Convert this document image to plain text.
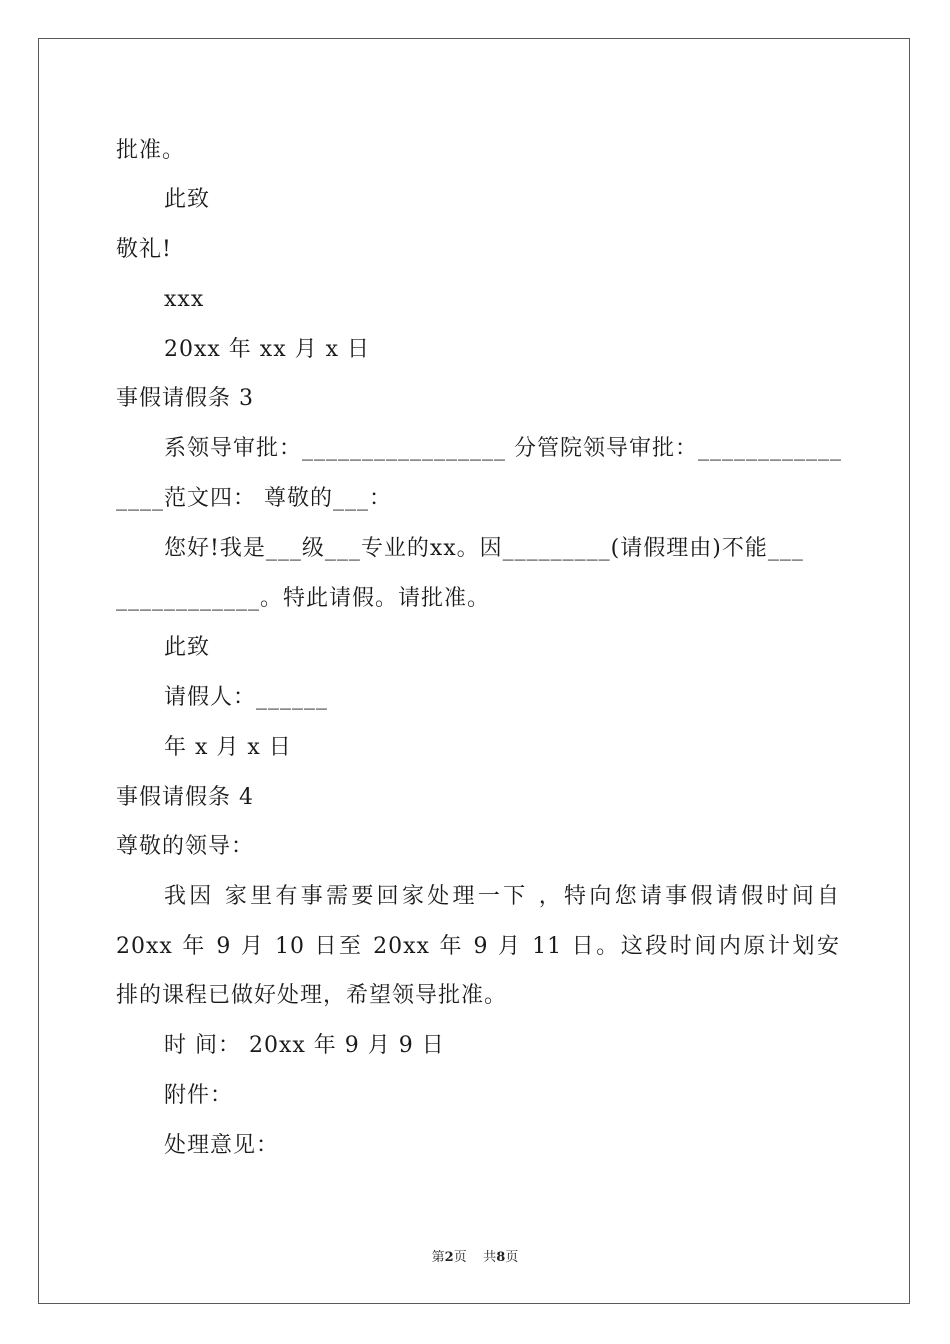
批准。
此致
敬礼!
xxx
20xx 年 xx 月 x 日
事假请假条 3
系领导审批：_________________ 分管院领导审批：____________
____范文四： 尊敬的___：
您好!我是___级___专业的xx。因_________(请假理由)不能___
____________。特此请假。请批准。
此致
请假人：______
年 x 月 x 日
事假请假条 4
尊敬的领导：
我因 家里有事需要回家处理一下 ，特向您请事假请假时间自
20xx 年 9 月 10 日至 20xx 年 9 月 11 日。这段时间内原计划安
排的课程已做好处理，希望领导批准。
时 间： 20xx 年 9 月 9 日
附件：
处理意见：
第2页 共8页
